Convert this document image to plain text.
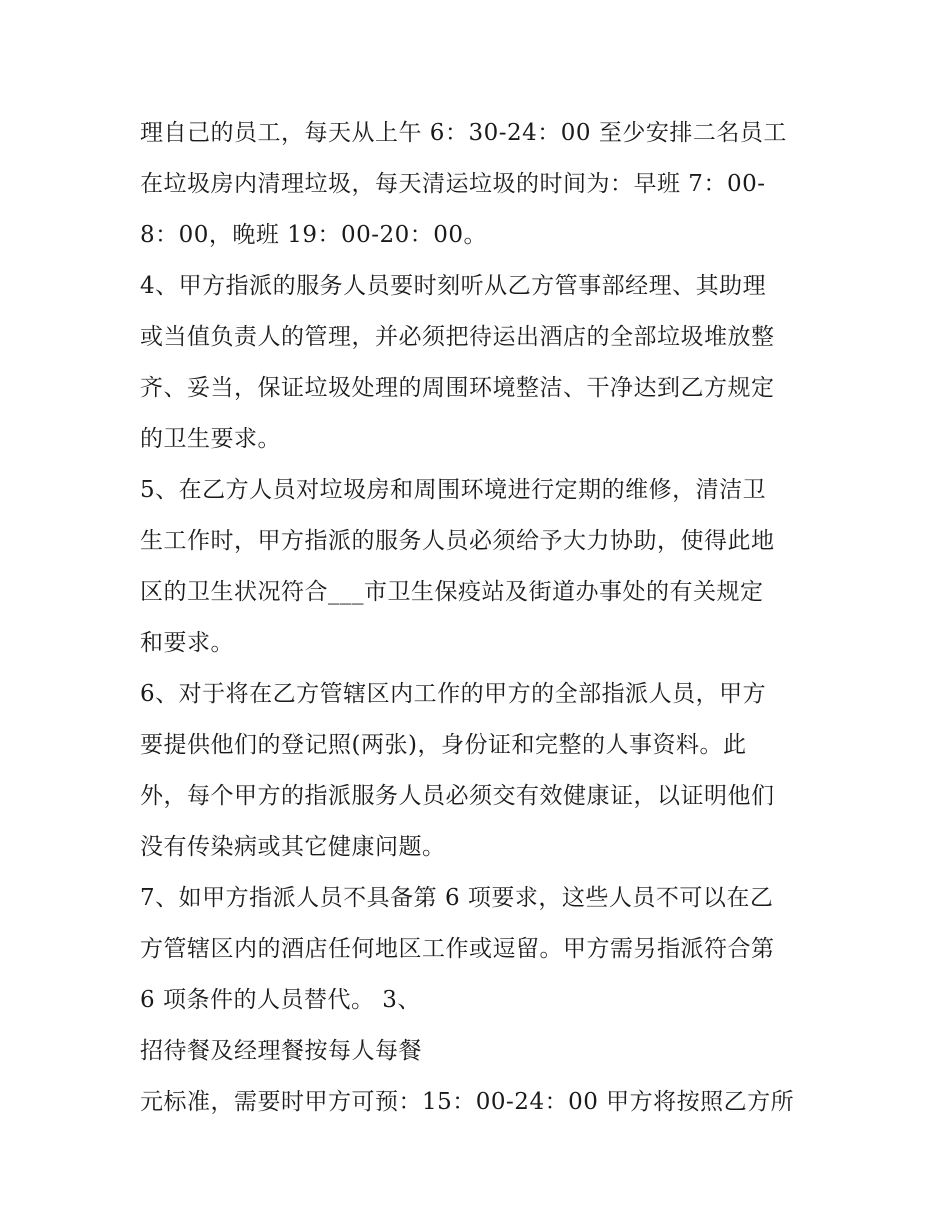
理自己的员工，每天从上午 6：30-24：00 至少安排二名员工
在垃圾房内清理垃圾，每天清运垃圾的时间为：早班 7：00-
8：00，晚班 19：00-20：00。
4、甲方指派的服务人员要时刻听从乙方管事部经理、其助理
或当值负责人的管理，并必须把待运出酒店的全部垃圾堆放整
齐、妥当，保证垃圾处理的周围环境整洁、干净达到乙方规定
的卫生要求。
5、在乙方人员对垃圾房和周围环境进行定期的维修，清洁卫
生工作时，甲方指派的服务人员必须给予大力协助，使得此地
区的卫生状况符合___市卫生保疫站及街道办事处的有关规定
和要求。
6、对于将在乙方管辖区内工作的甲方的全部指派人员，甲方
要提供他们的登记照(两张)，身份证和完整的人事资料。此
外，每个甲方的指派服务人员必须交有效健康证，以证明他们
没有传染病或其它健康问题。
7、如甲方指派人员不具备第 6 项要求，这些人员不可以在乙
方管辖区内的酒店任何地区工作或逗留。甲方需另指派符合第
6 项条件的人员替代。 3、
招待餐及经理餐按每人每餐
元标准，需要时甲方可预：15：00-24：00 甲方将按照乙方所
